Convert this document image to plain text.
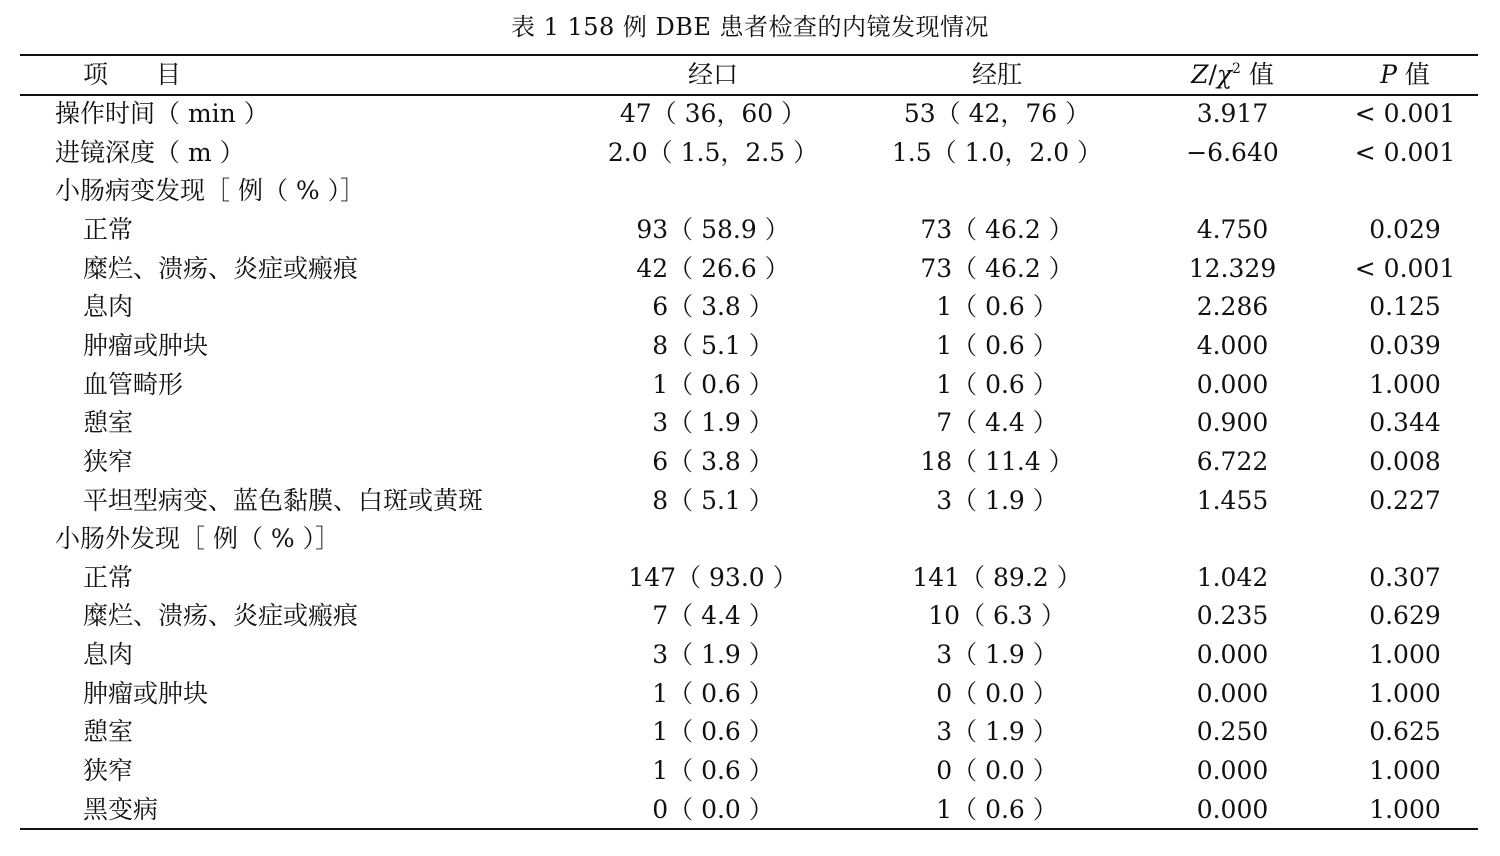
表 1 158 例 DBE 患者检查的内镜发现情况
项 目	经口	经肛	$Z/\chi^2$ 值	P 值
操作时间（ min ）	47（ 36，60 ）	53（ 42，76 ）	3.917	< 0.001
进镜深度（ m ）	2.0（ 1.5，2.5 ）	1.5（ 1.0，2.0 ）	−6.640	< 0.001
小肠病变发现［ 例（ % ）］
正常	93（ 58.9 ）	73（ 46.2 ）	4.750	0.029
糜烂、溃疡、炎症或瘢痕	42（ 26.6 ）	73（ 46.2 ）	12.329	< 0.001
息肉	6（ 3.8 ）	1（ 0.6 ）	2.286	0.125
肿瘤或肿块	8（ 5.1 ）	1（ 0.6 ）	4.000	0.039
血管畸形	1（ 0.6 ）	1（ 0.6 ）	0.000	1.000
憩室	3（ 1.9 ）	7（ 4.4 ）	0.900	0.344
狭窄	6（ 3.8 ）	18（ 11.4 ）	6.722	0.008
平坦型病变、蓝色黏膜、白斑或黄斑	8（ 5.1 ）	3（ 1.9 ）	1.455	0.227
小肠外发现［ 例（ % ）］
正常	147（ 93.0 ）	141（ 89.2 ）	1.042	0.307
糜烂、溃疡、炎症或瘢痕	7（ 4.4 ）	10（ 6.3 ）	0.235	0.629
息肉	3（ 1.9 ）	3（ 1.9 ）	0.000	1.000
肿瘤或肿块	1（ 0.6 ）	0（ 0.0 ）	0.000	1.000
憩室	1（ 0.6 ）	3（ 1.9 ）	0.250	0.625
狭窄	1（ 0.6 ）	0（ 0.0 ）	0.000	1.000
黑变病	0（ 0.0 ）	1（ 0.6 ）	0.000	1.000
